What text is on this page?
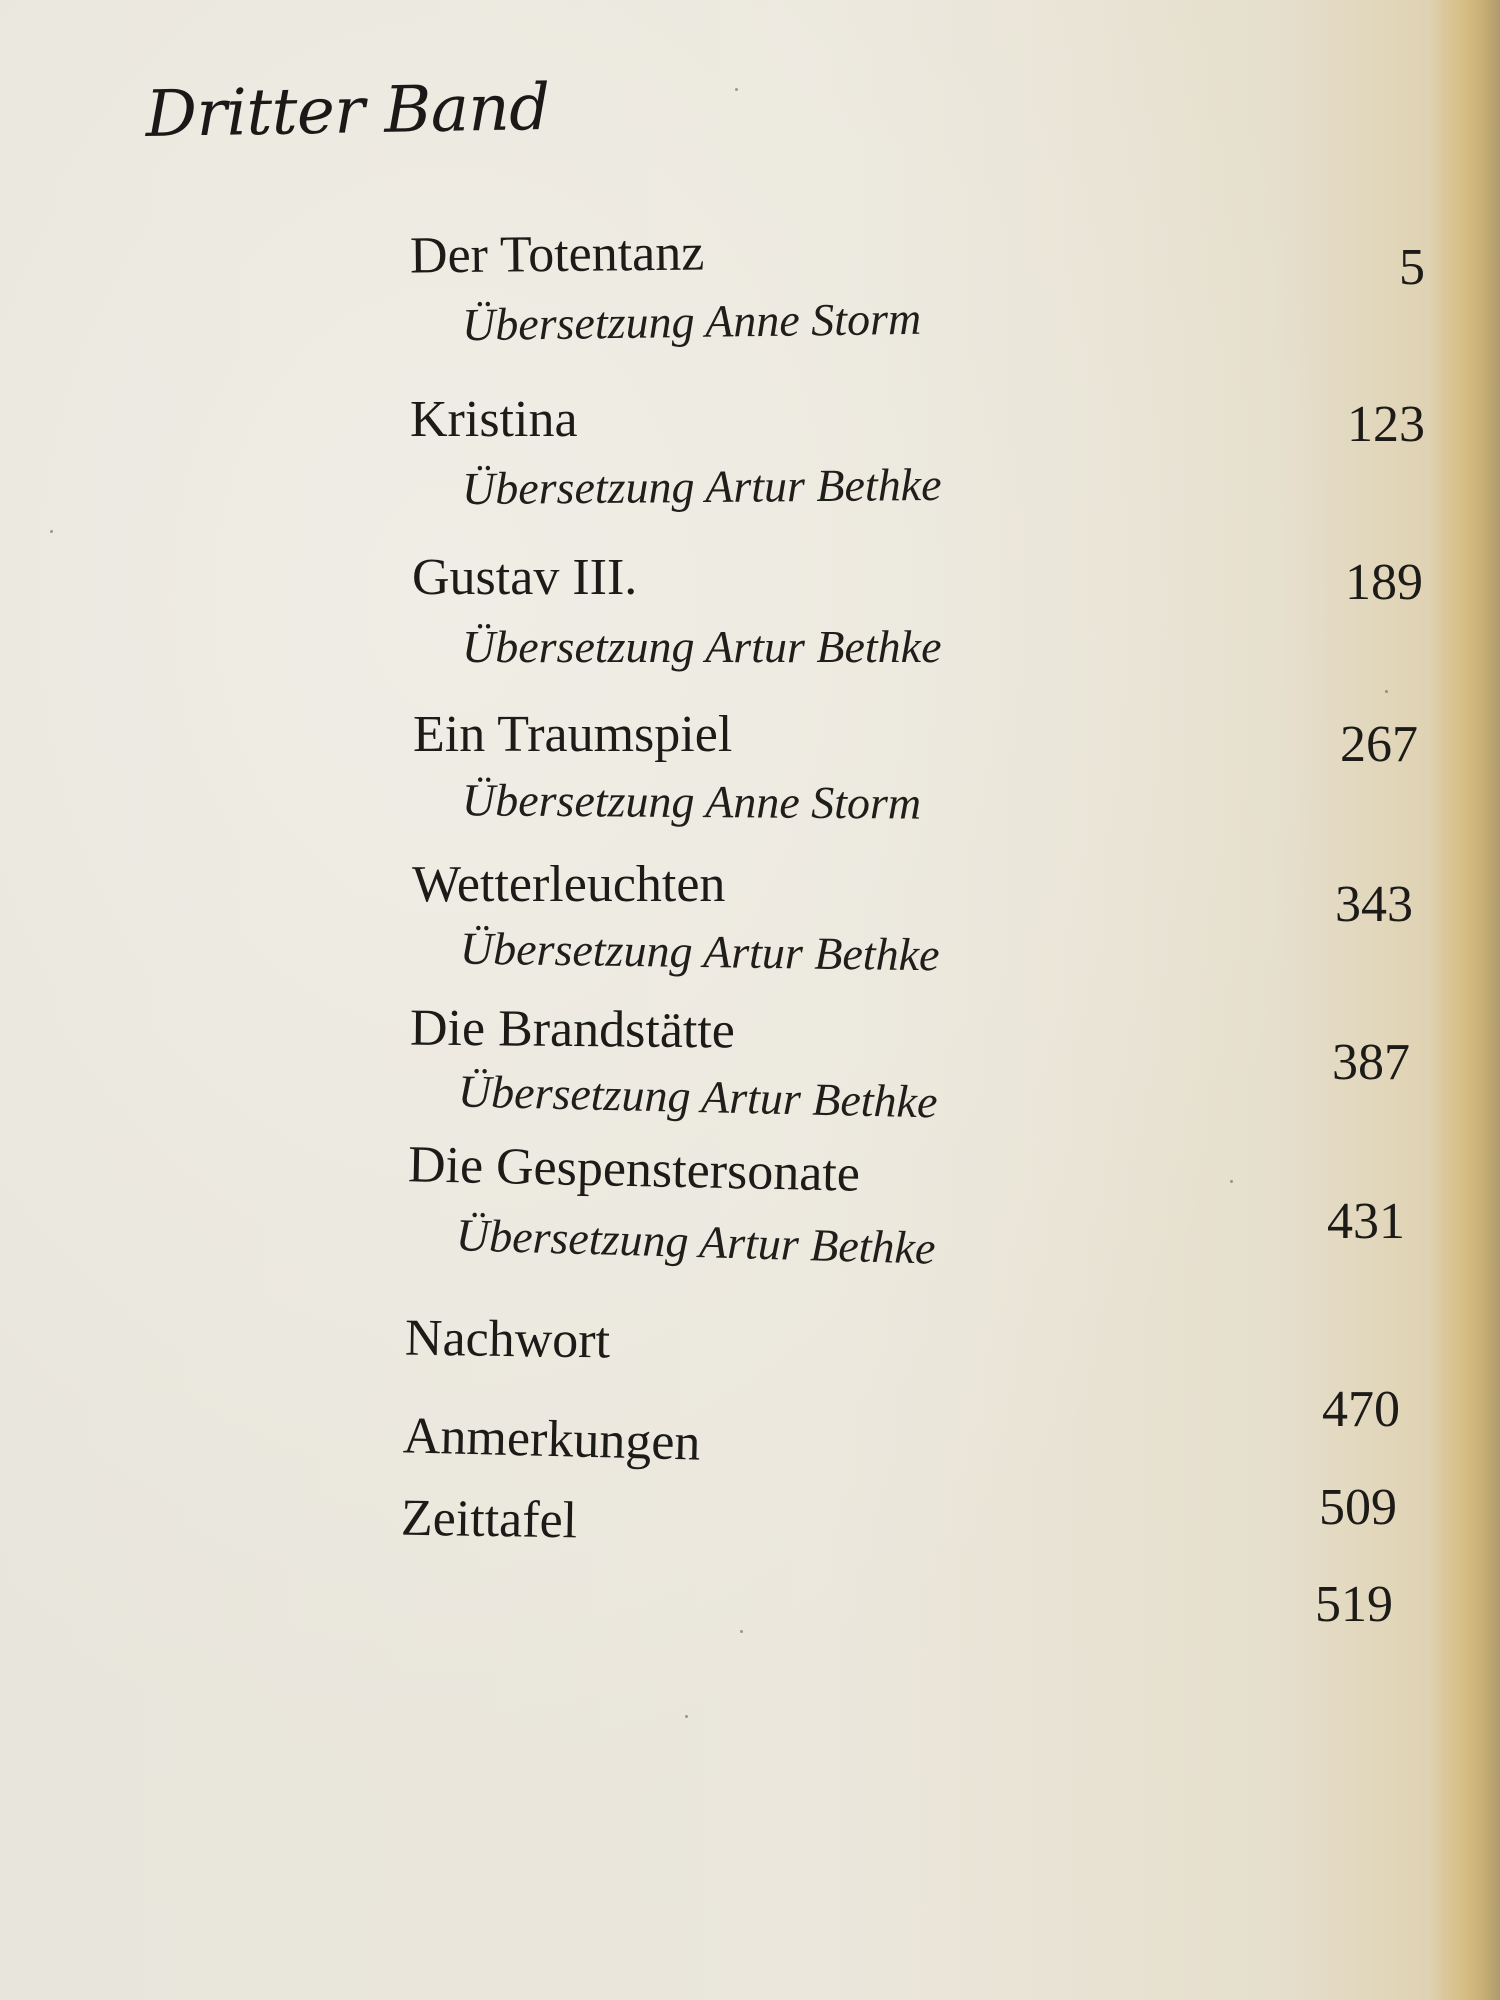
Dritter Band
Der Totentanz
Übersetzung Anne Storm
Kristina
Übersetzung Artur Bethke
Gustav III.
Übersetzung Artur Bethke
Ein Traumspiel
Übersetzung Anne Storm
Wetterleuchten
Übersetzung Artur Bethke
Die Brandstätte
Übersetzung Artur Bethke
Die Gespenstersonate
Übersetzung Artur Bethke
Nachwort
Anmerkungen
Zeittafel
5
123
189
267
343
387
431
470
509
519
